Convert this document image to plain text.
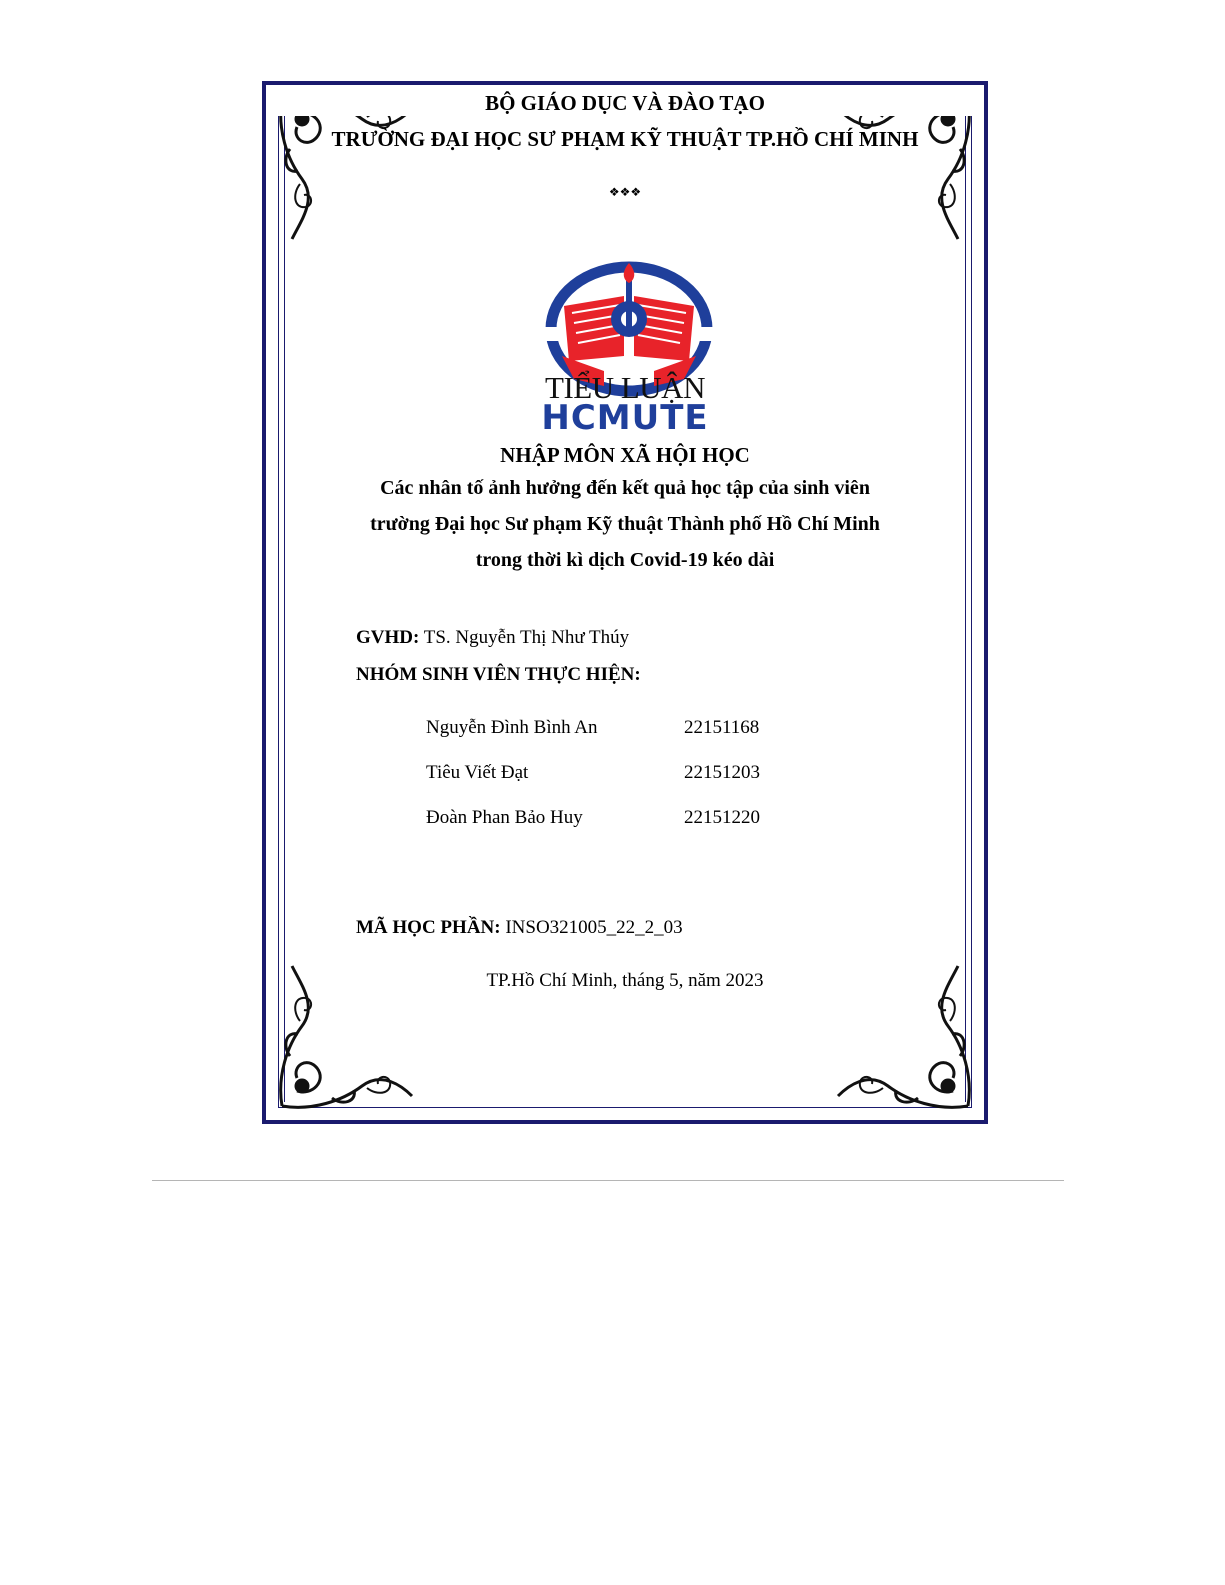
BỘ GIÁO DỤC VÀ ĐÀO TẠO
TRƯỜNG ĐẠI HỌC SƯ PHẠM KỸ THUẬT TP.HỒ CHÍ MINH
❖❖❖
TIỂU LUẬN
HCMUTE
NHẬP MÔN XÃ HỘI HỌC
Các nhân tố ảnh hưởng đến kết quả học tập của sinh viên
trường Đại học Sư phạm Kỹ thuật Thành phố Hồ Chí Minh
trong thời kì dịch Covid-19 kéo dài
GVHD: TS. Nguyễn Thị Như Thúy
NHÓM SINH VIÊN THỰC HIỆN:
Nguyễn Đình Bình An	22151168
Tiêu Viết Đạt	22151203
Đoàn Phan Bảo Huy	22151220
MÃ HỌC PHẦN: INSO321005_22_2_03
TP.Hồ Chí Minh, tháng 5, năm 2023
